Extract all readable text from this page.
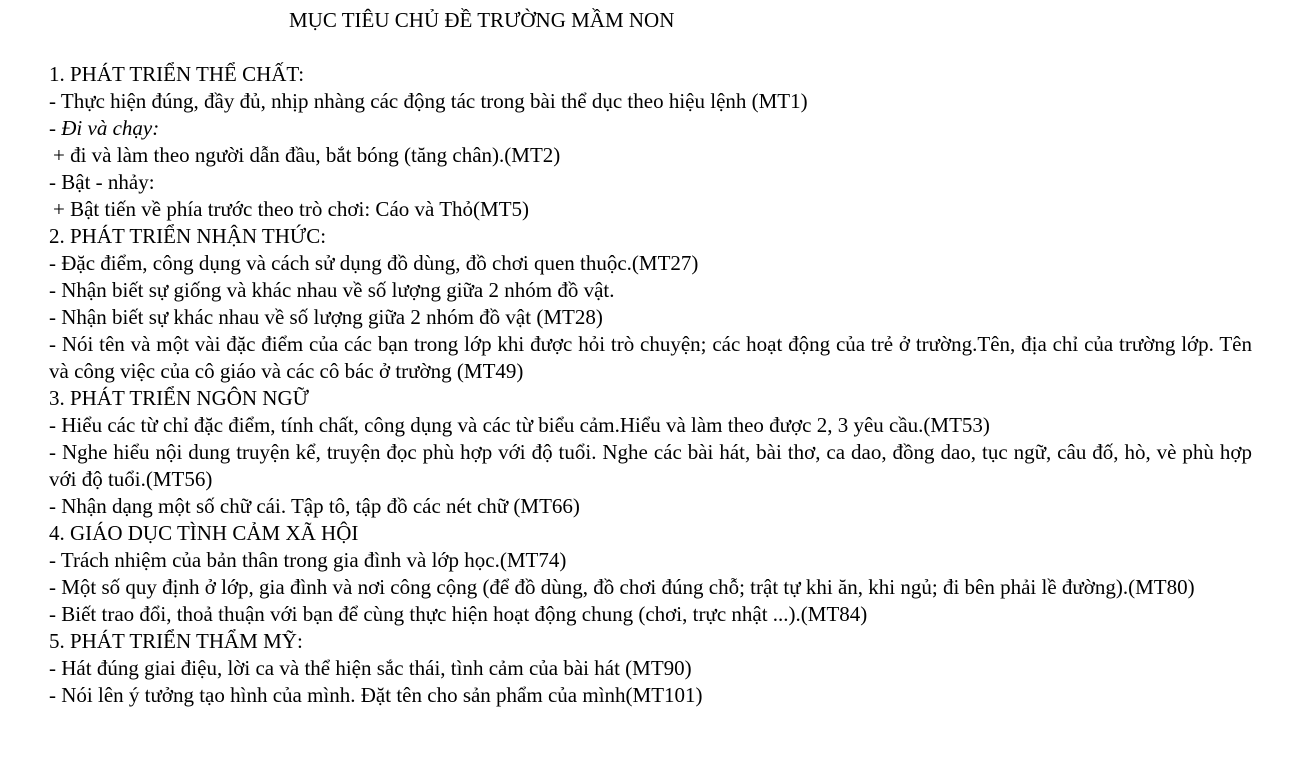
MỤC TIÊU CHỦ ĐỀ TRƯỜNG MẦM NON

1. PHÁT TRIỂN THỂ CHẤT:

- Thực hiện đúng, đầy đủ, nhịp nhàng các động tác trong bài thể dục theo hiệu lệnh (MT1)

- Đi và chạy:

+ đi và làm theo người dẫn đầu, bắt bóng (tăng chân).(MT2)

- Bật - nhảy:

+ Bật tiến về phía trước theo trò chơi: Cáo và Thỏ(MT5)

2. PHÁT TRIỂN NHẬN THỨC:

- Đặc điểm, công dụng và cách sử dụng đồ dùng, đồ chơi quen thuộc.(MT27)

- Nhận biết sự giống và khác nhau về số lượng giữa 2 nhóm đồ vật.

- Nhận biết sự khác nhau về số lượng giữa 2 nhóm đồ vật (MT28)

- Nói tên và một vài đặc điểm của các bạn trong lớp khi được hỏi trò chuyện; các hoạt động của trẻ ở trường.Tên, địa chỉ của trường lớp. Tên và công việc của cô giáo và các cô bác ở trường (MT49)

3. PHÁT TRIỂN NGÔN NGỮ

- Hiểu các từ chỉ đặc điểm, tính chất, công dụng và các từ biểu cảm.Hiểu và làm theo được 2, 3 yêu cầu.(MT53)

- Nghe hiểu nội dung truyện kể, truyện đọc phù hợp với độ tuổi. Nghe các bài hát, bài thơ, ca dao, đồng dao, tục ngữ, câu đố, hò, vè phù hợp với độ tuổi.(MT56)

- Nhận dạng một số chữ cái. Tập tô, tập đồ các nét chữ (MT66)

4. GIÁO DỤC TÌNH CẢM XÃ HỘI

- Trách nhiệm của bản thân trong gia đình và lớp học.(MT74)

- Một số quy định ở lớp, gia đình và nơi công cộng (để đồ dùng, đồ chơi đúng chỗ; trật tự khi ăn, khi ngủ; đi bên phải lề đường).(MT80)

- Biết trao đổi, thoả thuận với bạn để cùng thực hiện hoạt động chung (chơi, trực nhật ...).(MT84)

5. PHÁT TRIỂN THẨM MỸ:

- Hát đúng giai điệu, lời ca và thể hiện sắc thái, tình cảm của bài hát (MT90)

- Nói lên ý tưởng tạo hình của mình. Đặt tên cho sản phẩm của mình(MT101)
